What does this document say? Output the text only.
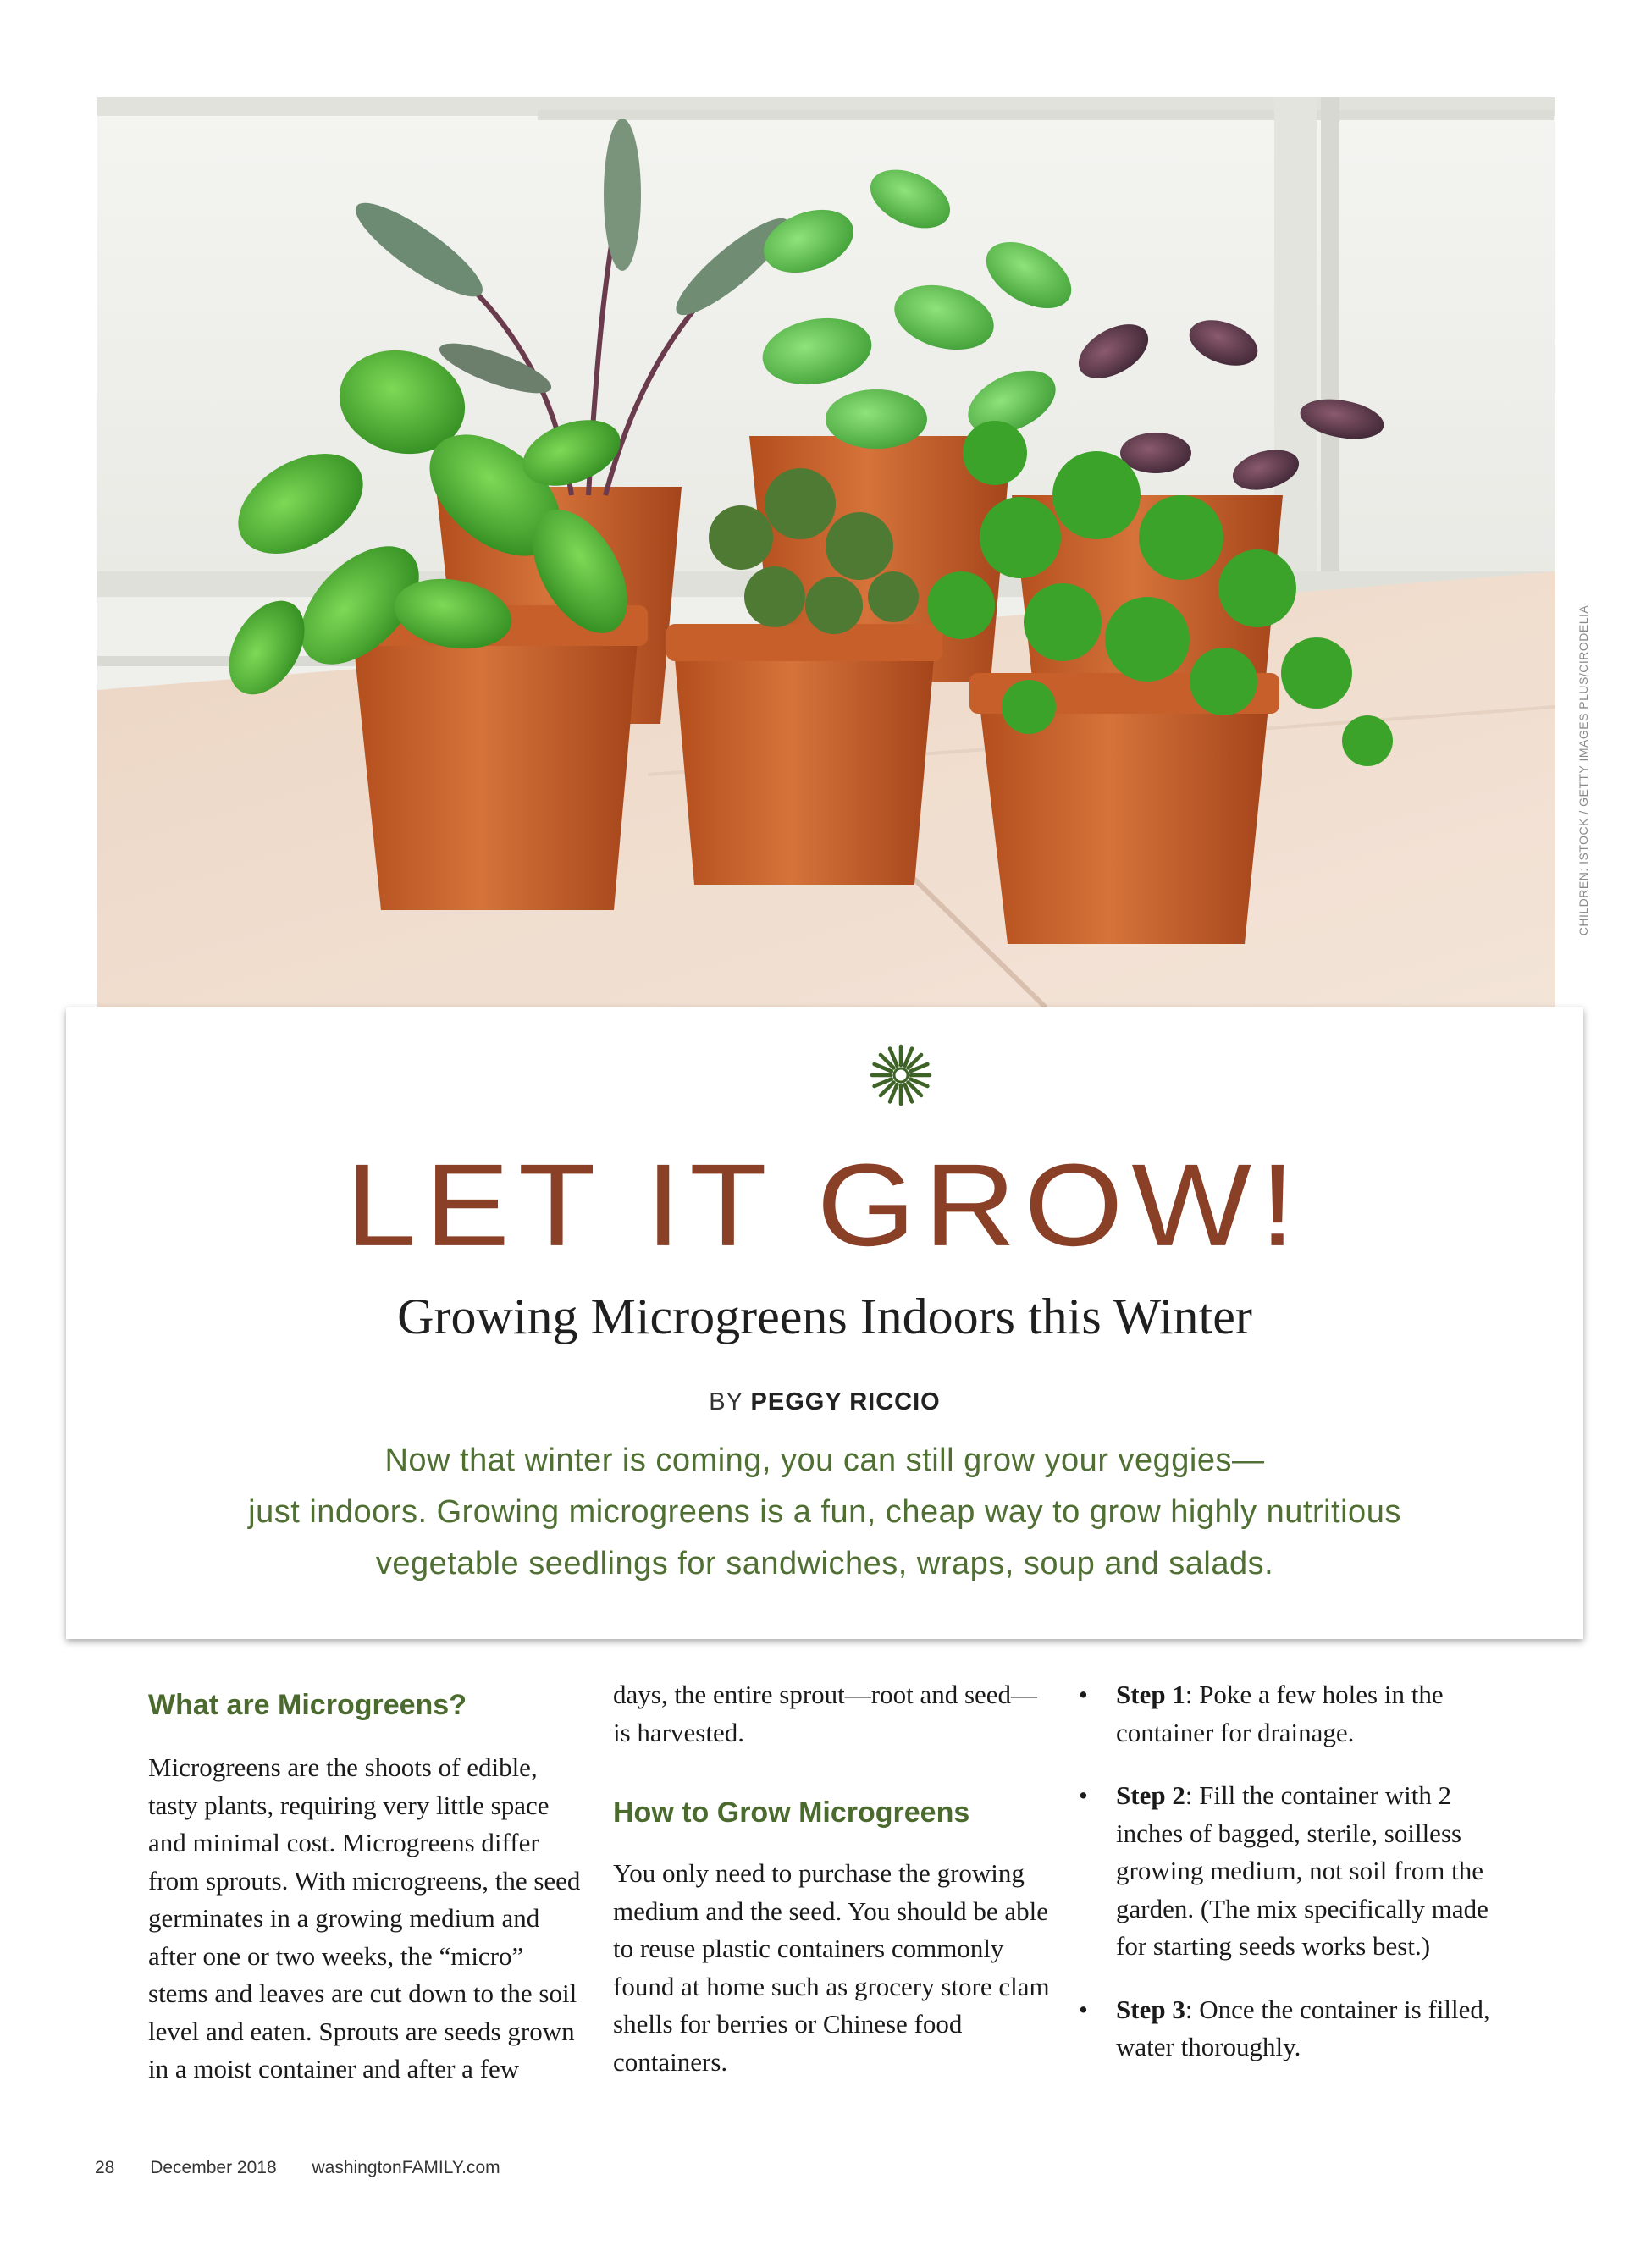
CHILDREN: ISTOCK / GETTY IMAGES PLUS/CIRODELIA
LET IT GROW!
Growing Microgreens Indoors this Winter
BY PEGGY RICCIO
Now that winter is coming, you can still grow your veggies—
just indoors. Growing microgreens is a fun, cheap way to grow highly nutritious
vegetable seedlings for sandwiches, wraps, soup and salads.
What are Microgreens?

Microgreens are the shoots of edible, tasty plants, requiring very little space and minimal cost. Microgreens differ from sprouts. With microgreens, the seed germinates in a growing medium and after one or two weeks, the “micro” stems and leaves are cut down to the soil level and eaten. Sprouts are seeds grown in a moist container and after a few

days, the entire sprout—root and seed—is harvested.

How to Grow Microgreens

You only need to purchase the growing medium and the seed. You should be able to reuse plastic containers commonly found at home such as grocery store clam shells for berries or Chinese food containers.

• Step 1: Poke a few holes in the container for drainage.
• Step 2: Fill the container with 2 inches of bagged, sterile, soilless growing medium, not soil from the garden. (The mix specifically made for starting seeds works best.)
• Step 3: Once the container is filled, water thoroughly.
28 December 2018 washingtonFAMILY.com
